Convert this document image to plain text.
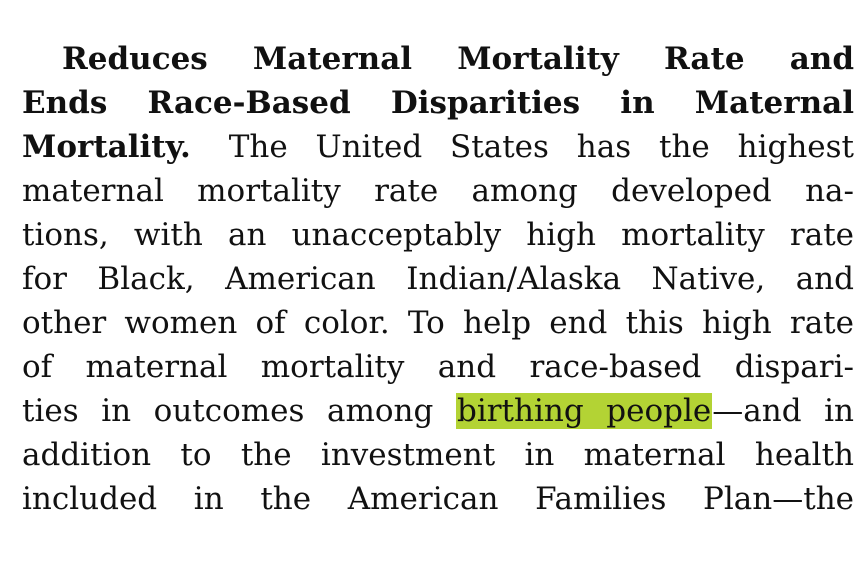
Reduces Maternal Mortality Rate and
Ends Race-Based Disparities in Maternal
Mortality. The United States has the highest
maternal mortality rate among developed na-
tions, with an unacceptably high mortality rate
for Black, American Indian/Alaska Native, and
other women of color. To help end this high rate
of maternal mortality and race-based dispari-
ties in outcomes among birthing people—and in
addition to the investment in maternal health
included in the American Families Plan—the
